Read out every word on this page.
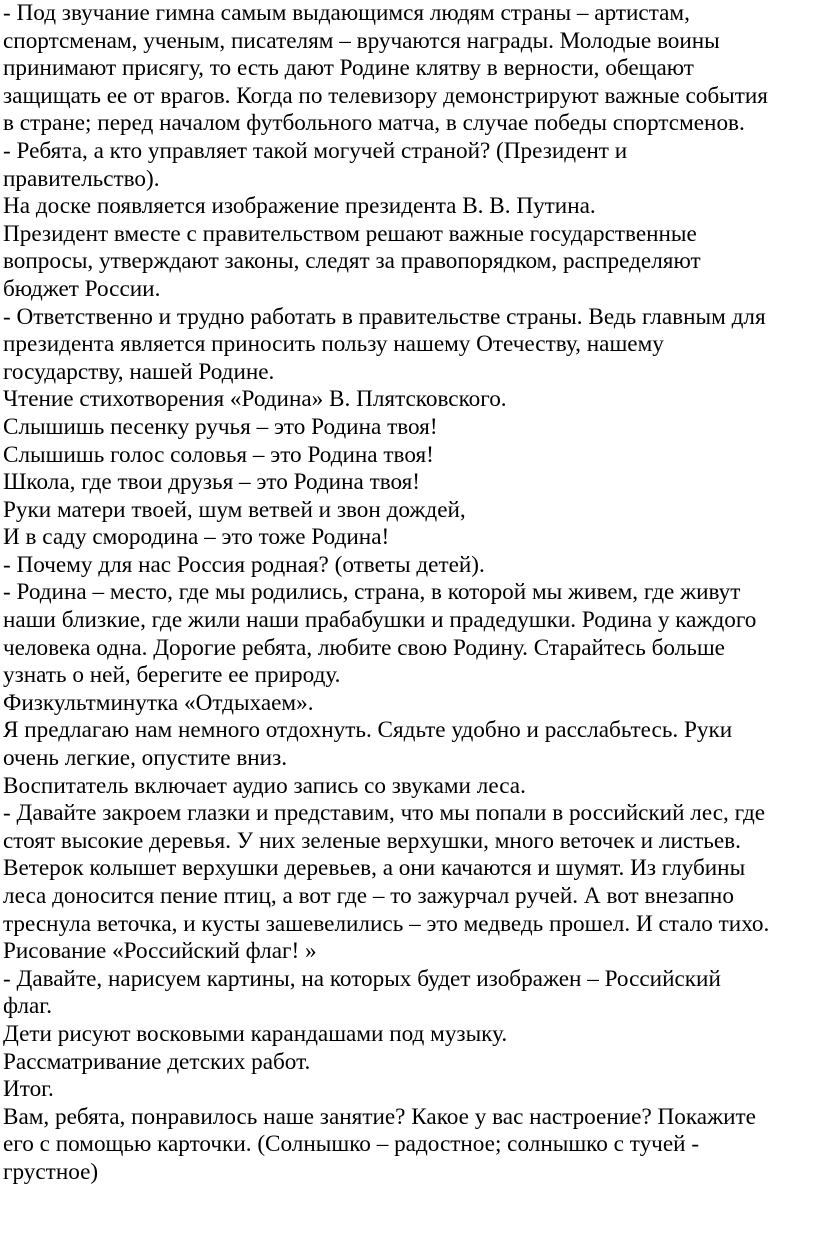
- Под звучание гимна самым выдающимся людям страны – артистам,
спортсменам, ученым, писателям – вручаются награды. Молодые воины
принимают присягу, то есть дают Родине клятву в верности, обещают
защищать ее от врагов. Когда по телевизору демонстрируют важные события
в стране; перед началом футбольного матча, в случае победы спортсменов.
- Ребята, а кто управляет такой могучей страной? (Президент и
правительство).
На доске появляется изображение президента В. В. Путина.
Президент вместе с правительством решают важные государственные
вопросы, утверждают законы, следят за правопорядком, распределяют
бюджет России.
- Ответственно и трудно работать в правительстве страны. Ведь главным для
президента является приносить пользу нашему Отечеству, нашему
государству, нашей Родине.
Чтение стихотворения «Родина» В. Плятсковского.
Слышишь песенку ручья – это Родина твоя!
Слышишь голос соловья – это Родина твоя!
Школа, где твои друзья – это Родина твоя!
Руки матери твоей, шум ветвей и звон дождей,
И в саду смородина – это тоже Родина!
- Почему для нас Россия родная? (ответы детей).
- Родина – место, где мы родились, страна, в которой мы живем, где живут
наши близкие, где жили наши прабабушки и прадедушки. Родина у каждого
человека одна. Дорогие ребята, любите свою Родину. Старайтесь больше
узнать о ней, берегите ее природу.
Физкультминутка «Отдыхаем».
Я предлагаю нам немного отдохнуть. Сядьте удобно и расслабьтесь. Руки
очень легкие, опустите вниз.
Воспитатель включает аудио запись со звуками леса.
- Давайте закроем глазки и представим, что мы попали в российский лес, где
стоят высокие деревья. У них зеленые верхушки, много веточек и листьев.
Ветерок колышет верхушки деревьев, а они качаются и шумят. Из глубины
леса доносится пение птиц, а вот где – то зажурчал ручей. А вот внезапно
треснула веточка, и кусты зашевелились – это медведь прошел. И стало тихо.
Рисование «Российский флаг! »
- Давайте, нарисуем картины, на которых будет изображен – Российский
флаг.
Дети рисуют восковыми карандашами под музыку.
Рассматривание детских работ.
Итог.
Вам, ребята, понравилось наше занятие? Какое у вас настроение? Покажите
его с помощью карточки. (Солнышко – радостное; солнышко с тучей -
грустное)
